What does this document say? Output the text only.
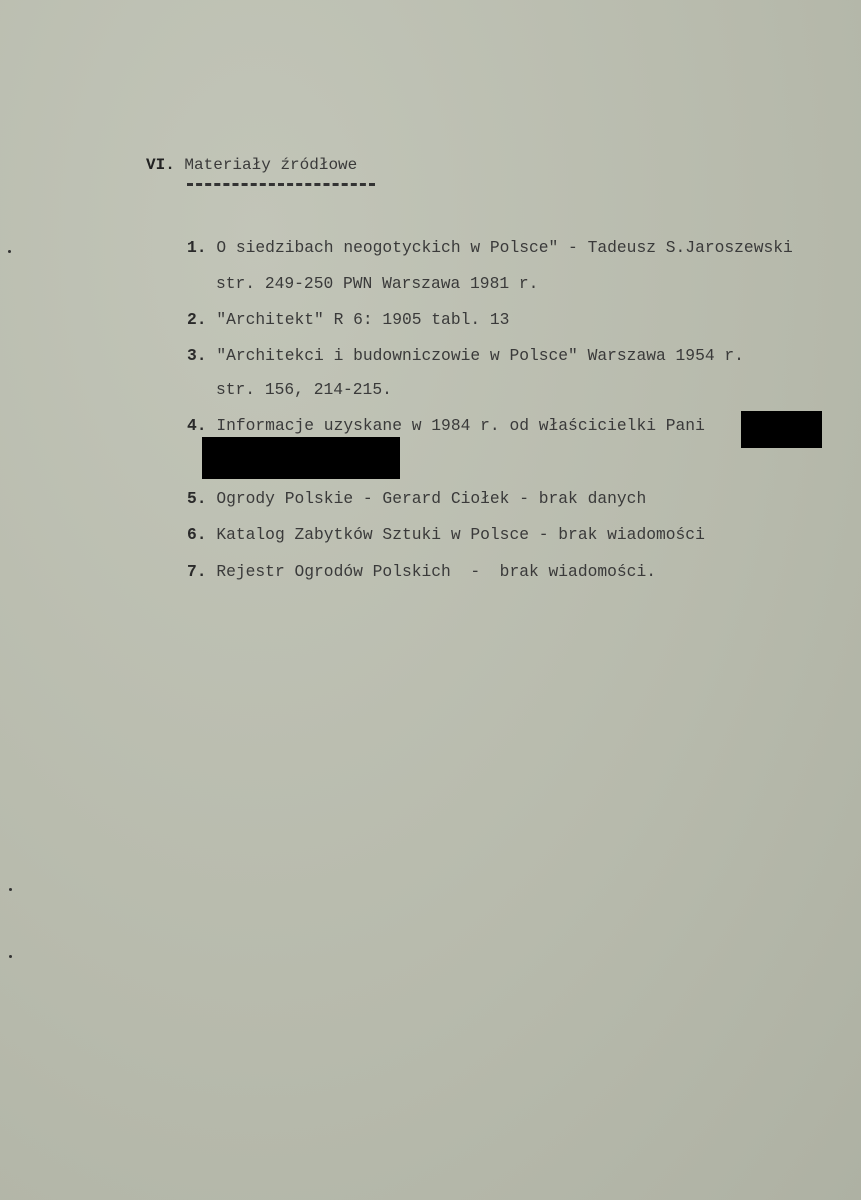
VI. Materiały źródłowe
1. O siedzibach neogotyckich w Polsce" - Tadeusz S.Jaroszewski
str. 249-250 PWN Warszawa 1981 r.
2. "Architekt" R 6: 1905 tabl. 13
3. "Architekci i budowniczowie w Polsce" Warszawa 1954 r.
str. 156, 214-215.
4. Informacje uzyskane w 1984 r. od właścicielki Pani
5. Ogrody Polskie - Gerard Ciołek - brak danych
6. Katalog Zabytków Sztuki w Polsce - brak wiadomości
7. Rejestr Ogrodów Polskich  -  brak wiadomości.
